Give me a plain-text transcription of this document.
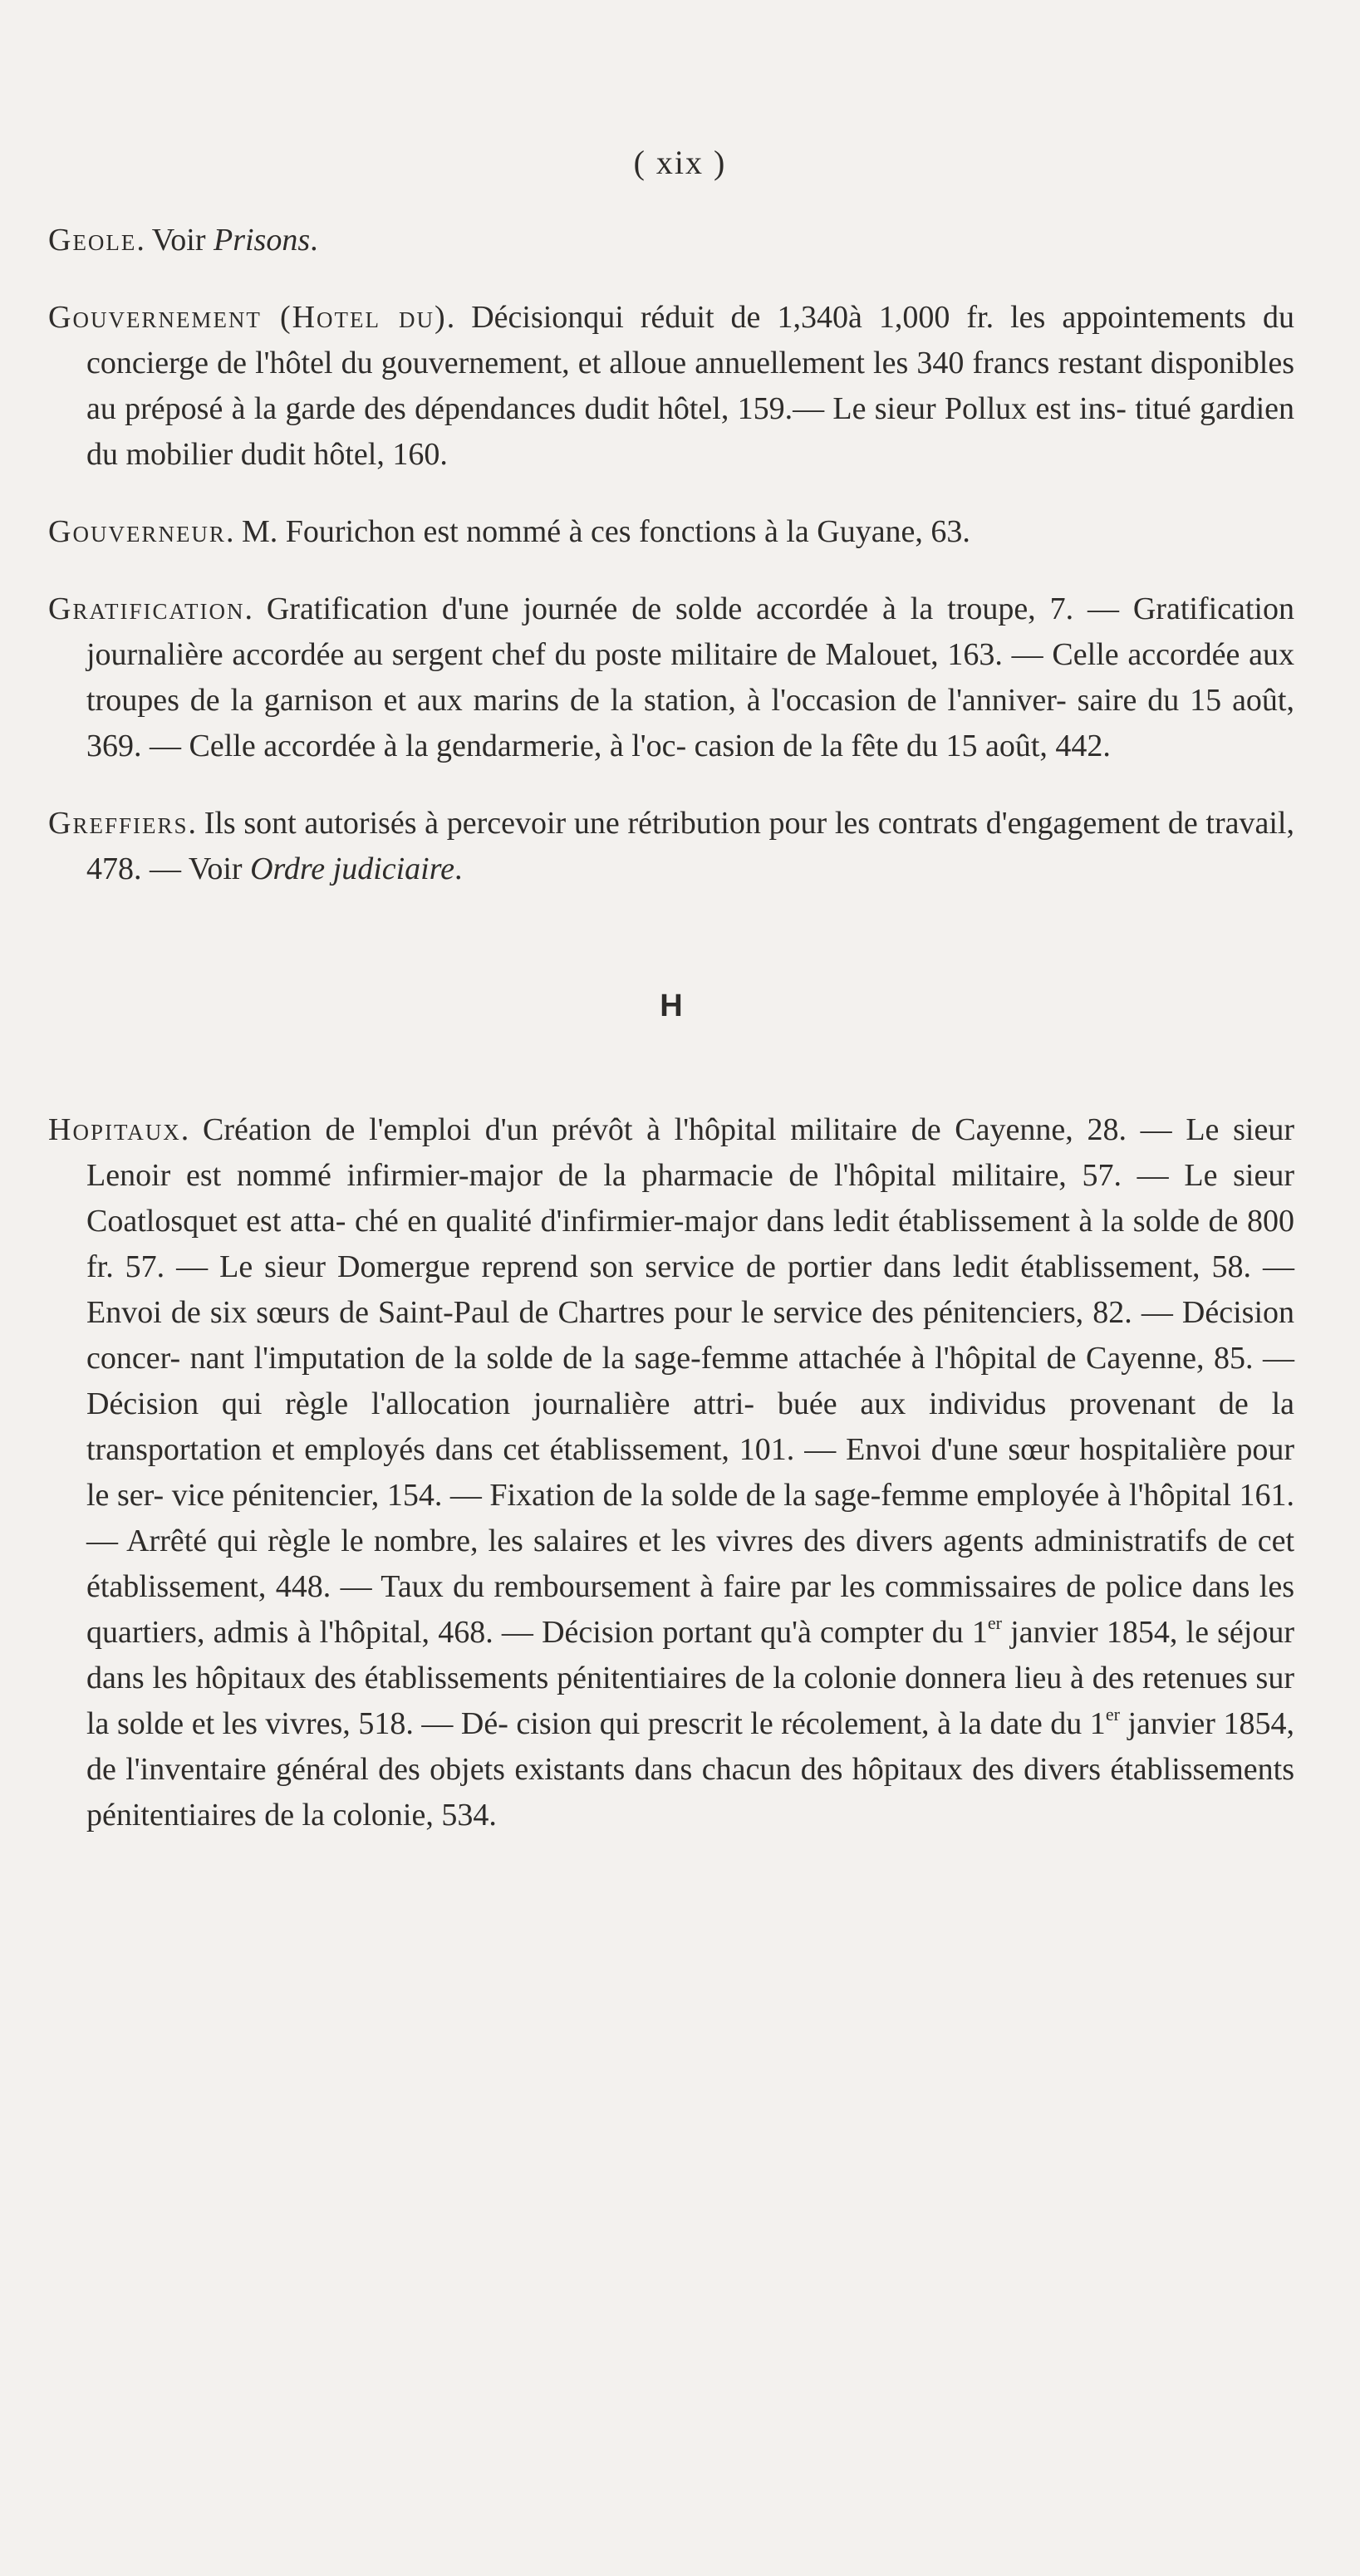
( xix )

Geole. Voir Prisons.

Gouvernement (Hotel du). Décisionqui réduit de 1,340à 1,000 fr. les appointements du concierge de l'hôtel du gouvernement, et alloue annuellement les 340 francs restant disponibles au préposé à la garde des dépendances dudit hôtel, 159.— Le sieur Pollux est ins- titué gardien du mobilier dudit hôtel, 160.

Gouverneur. M. Fourichon est nommé à ces fonctions à la Guyane, 63.

Gratification. Gratification d'une journée de solde accordée à la troupe, 7. — Gratification journalière accordée au sergent chef du poste militaire de Malouet, 163. — Celle accordée aux troupes de la garnison et aux marins de la station, à l'occasion de l'anniver- saire du 15 août, 369. — Celle accordée à la gendarmerie, à l'oc- casion de la fête du 15 août, 442.

Greffiers. Ils sont autorisés à percevoir une rétribution pour les contrats d'engagement de travail, 478. — Voir Ordre judiciaire.

H

Hopitaux. Création de l'emploi d'un prévôt à l'hôpital militaire de Cayenne, 28. — Le sieur Lenoir est nommé infirmier-major de la pharmacie de l'hôpital militaire, 57. — Le sieur Coatlosquet est atta- ché en qualité d'infirmier-major dans ledit établissement à la solde de 800 fr. 57. — Le sieur Domergue reprend son service de portier dans ledit établissement, 58. — Envoi de six sœurs de Saint-Paul de Chartres pour le service des pénitenciers, 82. — Décision concer- nant l'imputation de la solde de la sage-femme attachée à l'hôpital de Cayenne, 85. — Décision qui règle l'allocation journalière attri- buée aux individus provenant de la transportation et employés dans cet établissement, 101. — Envoi d'une sœur hospitalière pour le ser- vice pénitencier, 154. — Fixation de la solde de la sage-femme employée à l'hôpital 161. — Arrêté qui règle le nombre, les salaires et les vivres des divers agents administratifs de cet établissement, 448. — Taux du remboursement à faire par les commissaires de police dans les quartiers, admis à l'hôpital, 468. — Décision portant qu'à compter du 1er janvier 1854, le séjour dans les hôpitaux des établissements pénitentiaires de la colonie donnera lieu à des retenues sur la solde et les vivres, 518. — Dé- cision qui prescrit le récolement, à la date du 1er janvier 1854, de l'inventaire général des objets existants dans chacun des hôpitaux des divers établissements pénitentiaires de la colonie, 534.
